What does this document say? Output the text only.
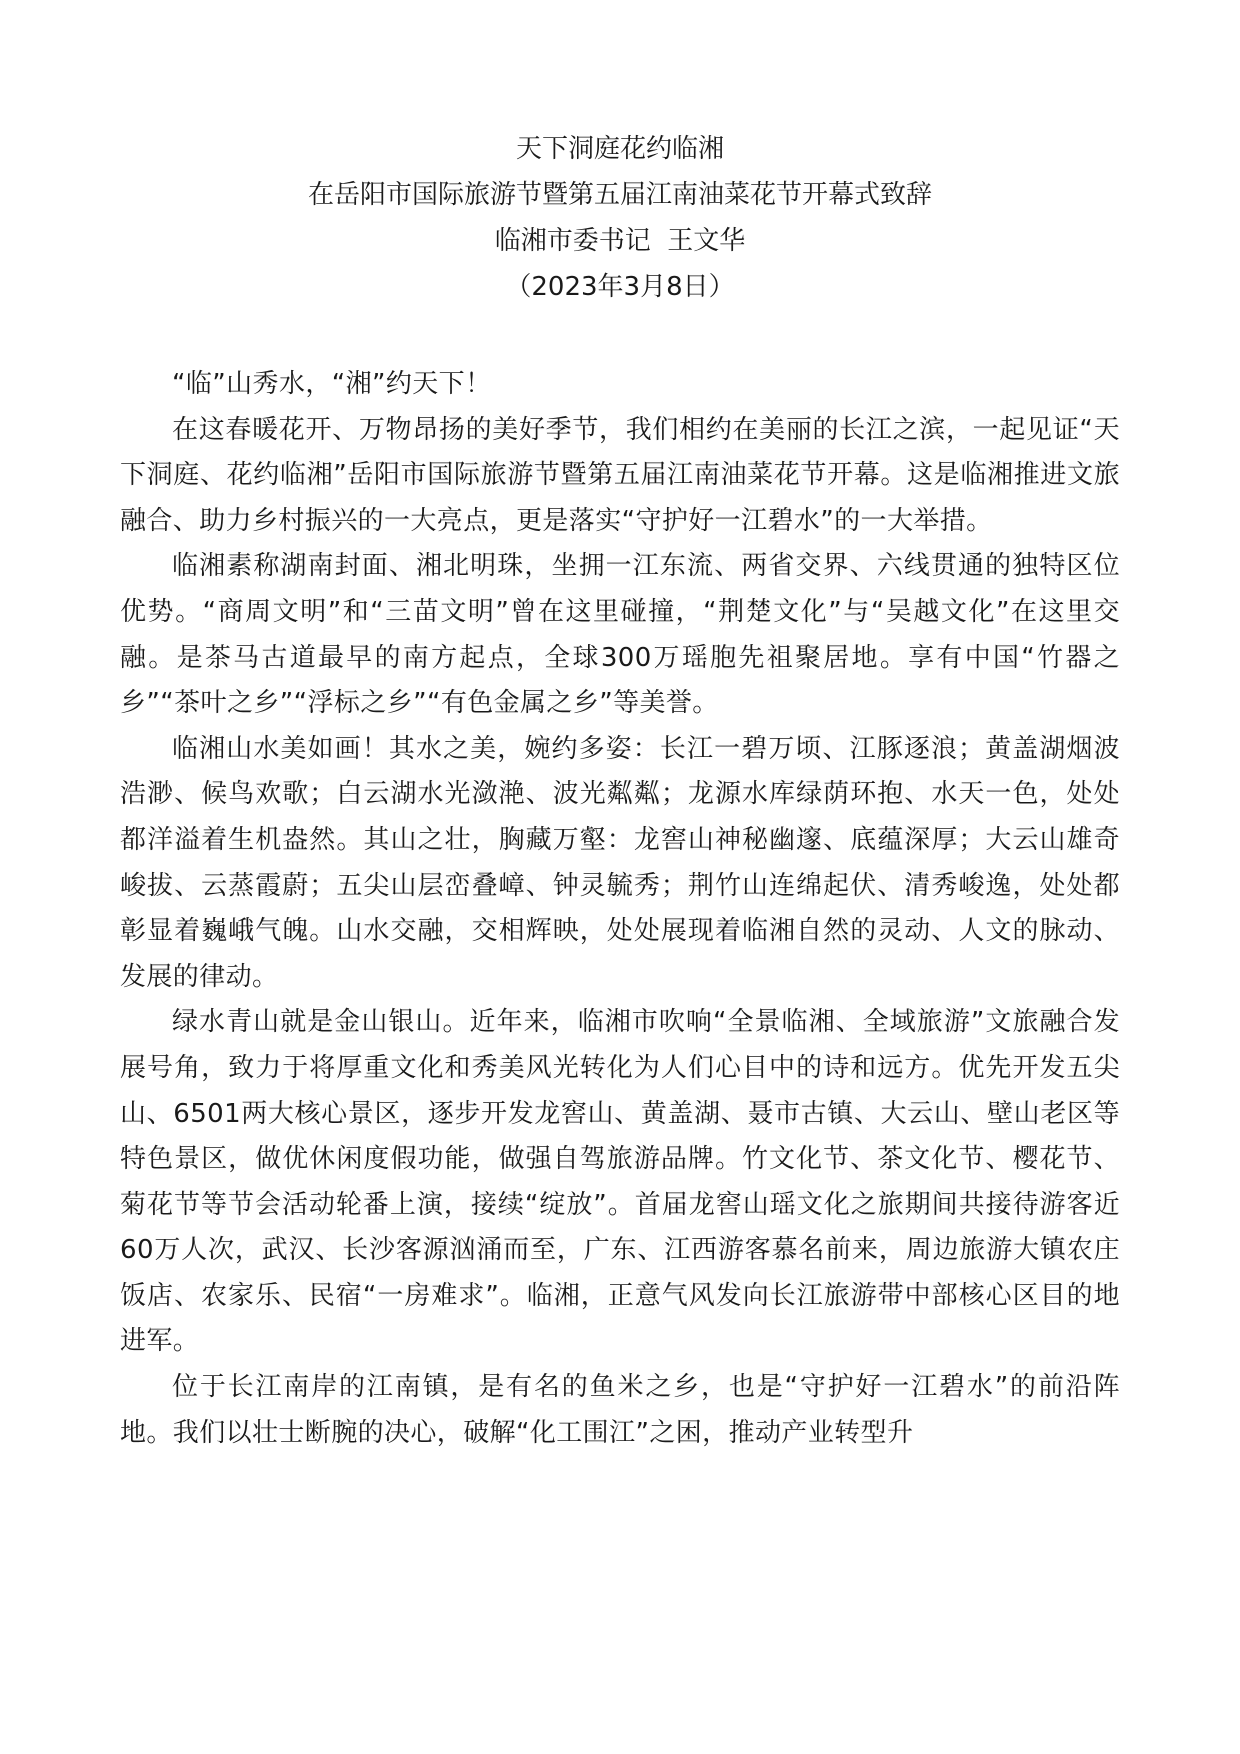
天下洞庭花约临湘
在岳阳市国际旅游节暨第五届江南油菜花节开幕式致辞
临湘市委书记  王文华
（2023年3月8日）

“临”山秀水，“湘”约天下！

在这春暖花开、万物昂扬的美好季节，我们相约在美丽的长江之滨，一起见证“天下洞庭、花约临湘”岳阳市国际旅游节暨第五届江南油菜花节开幕。这是临湘推进文旅融合、助力乡村振兴的一大亮点，更是落实“守护好一江碧水”的一大举措。

临湘素称湖南封面、湘北明珠，坐拥一江东流、两省交界、六线贯通的独特区位优势。“商周文明”和“三苗文明”曾在这里碰撞，“荆楚文化”与“吴越文化”在这里交融。是茶马古道最早的南方起点，全球300万瑶胞先祖聚居地。享有中国“竹器之乡”“茶叶之乡”“浮标之乡”“有色金属之乡”等美誉。

临湘山水美如画！其水之美，婉约多姿：长江一碧万顷、江豚逐浪；黄盖湖烟波浩渺、候鸟欢歌；白云湖水光潋滟、波光粼粼；龙源水库绿荫环抱、水天一色，处处都洋溢着生机盎然。其山之壮，胸藏万壑：龙窖山神秘幽邃、底蕴深厚；大云山雄奇峻拔、云蒸霞蔚；五尖山层峦叠嶂、钟灵毓秀；荆竹山连绵起伏、清秀峻逸，处处都彰显着巍峨气魄。山水交融，交相辉映，处处展现着临湘自然的灵动、人文的脉动、发展的律动。

绿水青山就是金山银山。近年来，临湘市吹响“全景临湘、全域旅游”文旅融合发展号角，致力于将厚重文化和秀美风光转化为人们心目中的诗和远方。优先开发五尖山、6501两大核心景区，逐步开发龙窖山、黄盖湖、聂市古镇、大云山、壁山老区等特色景区，做优休闲度假功能，做强自驾旅游品牌。竹文化节、茶文化节、樱花节、菊花节等节会活动轮番上演，接续“绽放”。首届龙窖山瑶文化之旅期间共接待游客近60万人次，武汉、长沙客源汹涌而至，广东、江西游客慕名前来，周边旅游大镇农庄饭店、农家乐、民宿“一房难求”。临湘，正意气风发向长江旅游带中部核心区目的地进军。

位于长江南岸的江南镇，是有名的鱼米之乡，也是“守护好一江碧水”的前沿阵地。我们以壮士断腕的决心，破解“化工围江”之困，推动产业转型升
